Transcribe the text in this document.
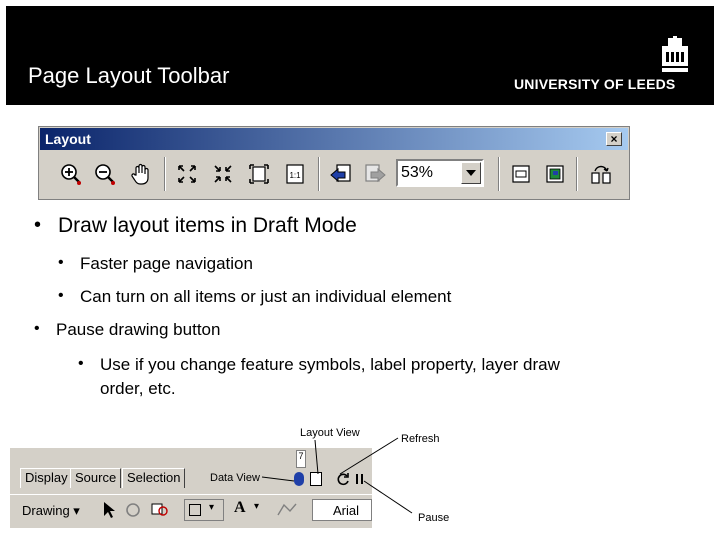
Page Layout Toolbar	UNIVERSITY OF LEEDS
Layout	×
1:1	53%
• Draw layout items in Draft Mode
• Faster page navigation
• Can turn on all items or just an individual element
• Pause drawing button
• Use if you change feature symbols, label property, layer draw
order, etc.
Display Source Selection
7
Drawing ▾	▾ A ▾	Arial
Layout View	Refresh
Data View
Pause
